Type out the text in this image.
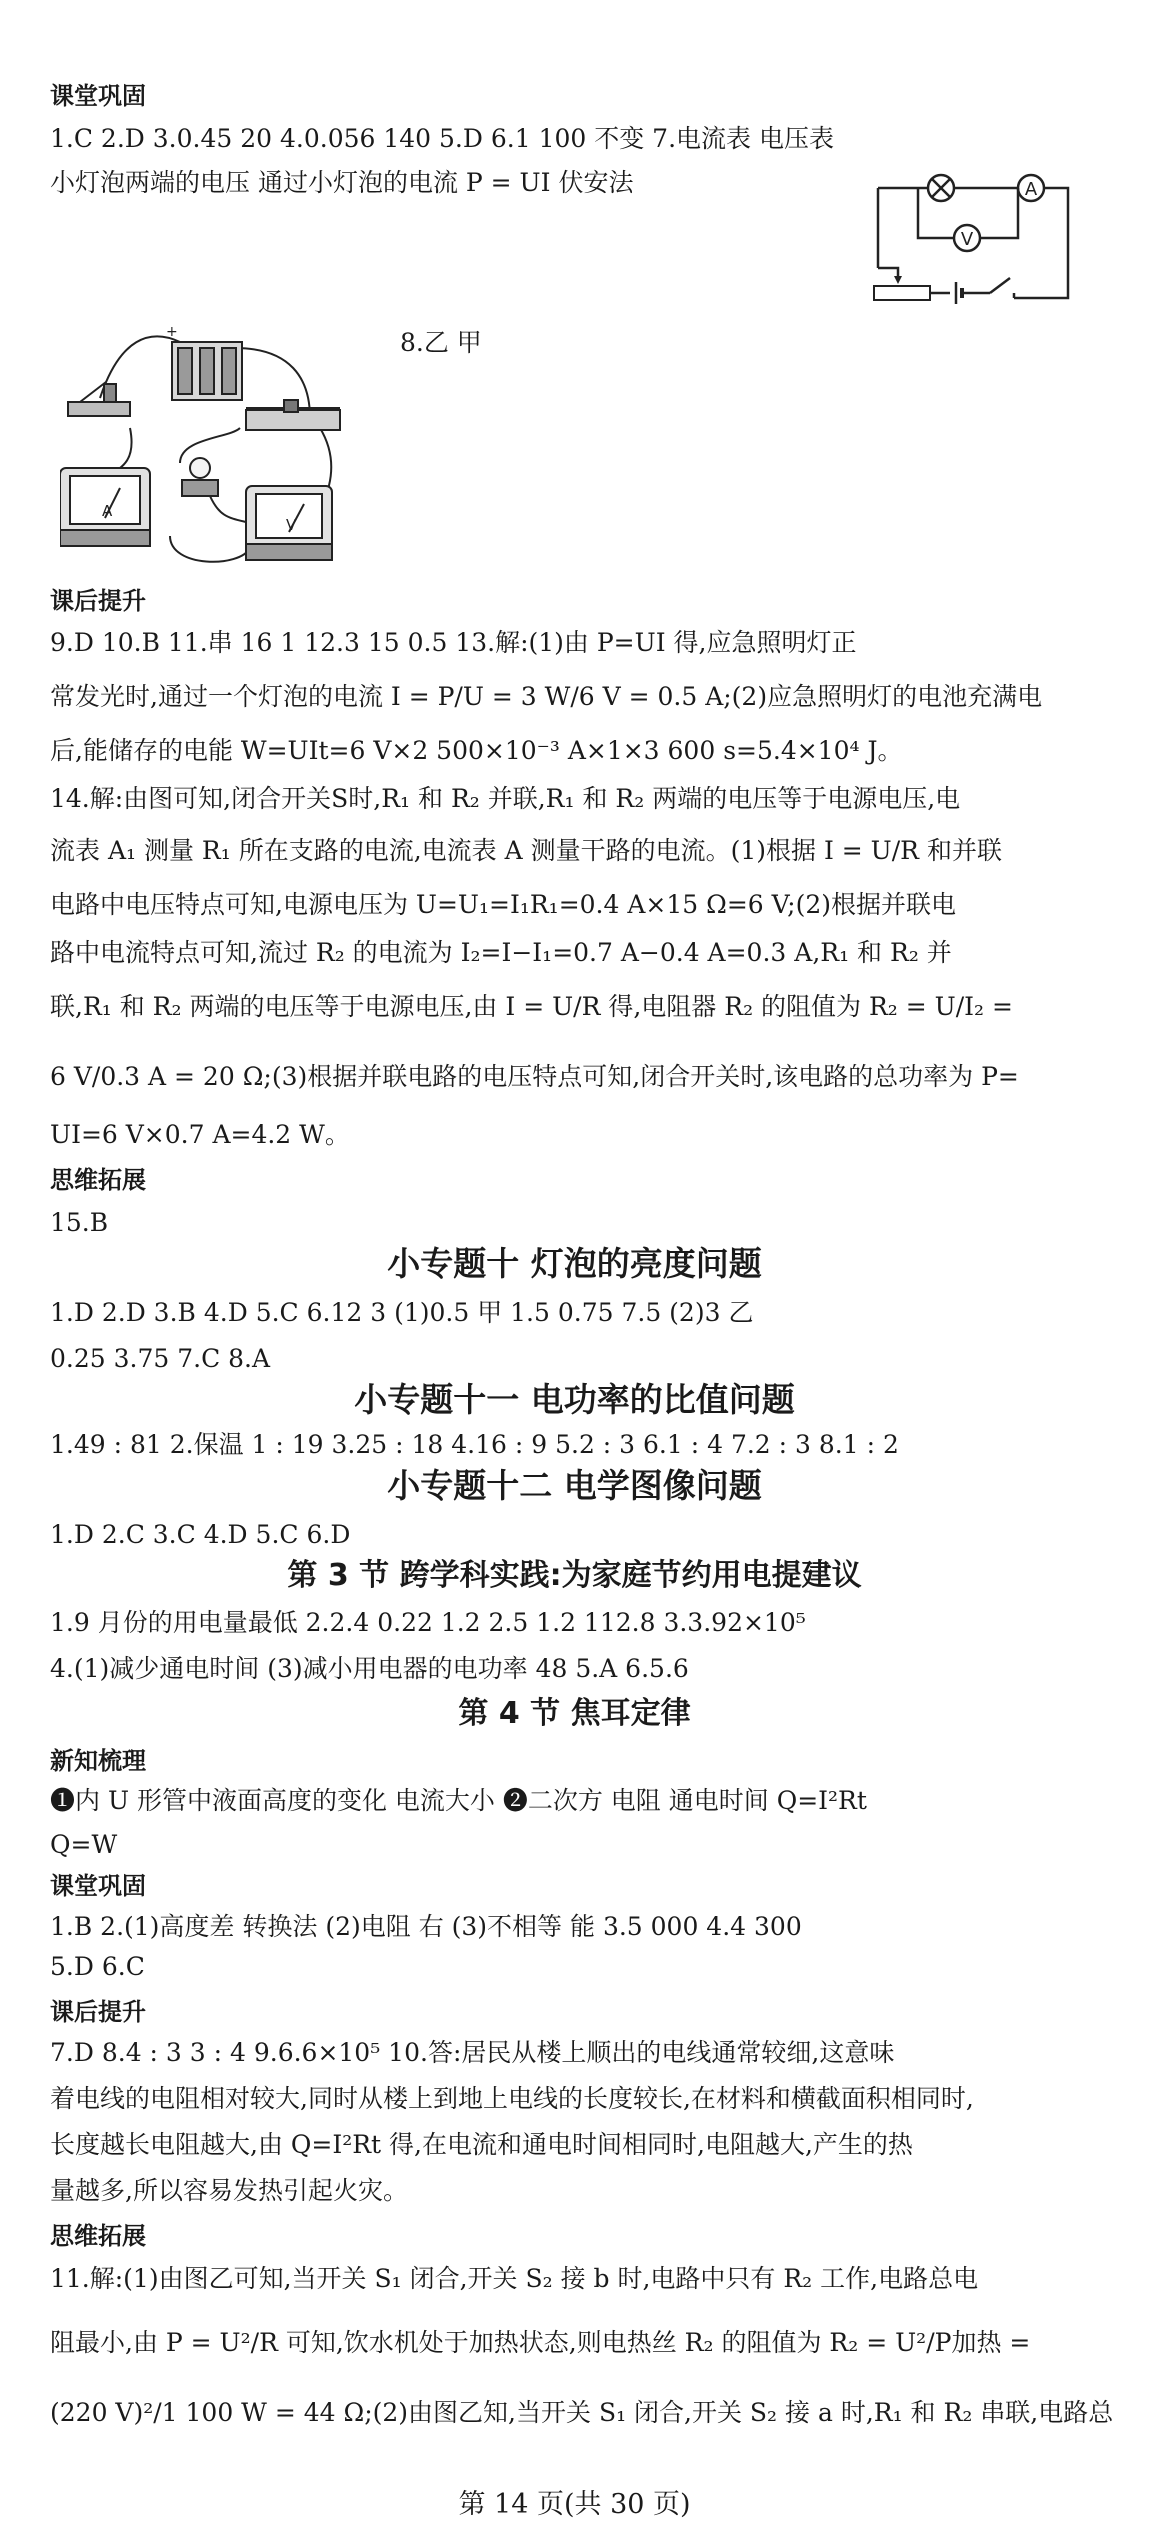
课堂巩固
1.C 2.D 3.0.45 20 4.0.056 140 5.D 6.1 100 不变 7.电流表 电压表
小灯泡两端的电压 通过小灯泡的电流 P = UI 伏安法	A
V
8.乙 甲
+
A
V
课后提升
9.D 10.B 11.串 16 1 12.3 15 0.5 13.解:(1)由 P=UI 得,应急照明灯正
常发光时,通过一个灯泡的电流 I = P/U = 3 W/6 V = 0.5 A;(2)应急照明灯的电池充满电
后,能储存的电能 W=UIt=6 V×2 500×10⁻³ A×1×3 600 s=5.4×10⁴ J。
14.解:由图可知,闭合开关S时,R₁ 和 R₂ 并联,R₁ 和 R₂ 两端的电压等于电源电压,电
流表 A₁ 测量 R₁ 所在支路的电流,电流表 A 测量干路的电流。(1)根据 I = U/R 和并联
电路中电压特点可知,电源电压为 U=U₁=I₁R₁=0.4 A×15 Ω=6 V;(2)根据并联电
路中电流特点可知,流过 R₂ 的电流为 I₂=I−I₁=0.7 A−0.4 A=0.3 A,R₁ 和 R₂ 并
联,R₁ 和 R₂ 两端的电压等于电源电压,由 I = U/R 得,电阻器 R₂ 的阻值为 R₂ = U/I₂ =
6 V/0.3 A = 20 Ω;(3)根据并联电路的电压特点可知,闭合开关时,该电路的总功率为 P=
UI=6 V×0.7 A=4.2 W。
思维拓展
15.B
小专题十 灯泡的亮度问题
1.D 2.D 3.B 4.D 5.C 6.12 3 (1)0.5 甲 1.5 0.75 7.5 (2)3 乙
0.25 3.75 7.C 8.A
小专题十一 电功率的比值问题
1.49 : 81 2.保温 1 : 19 3.25 : 18 4.16 : 9 5.2 : 3 6.1 : 4 7.2 : 3 8.1 : 2
小专题十二 电学图像问题
1.D 2.C 3.C 4.D 5.C 6.D
第 3 节 跨学科实践:为家庭节约用电提建议
1.9 月份的用电量最低 2.2.4 0.22 1.2 2.5 1.2 112.8 3.3.92×10⁵
4.(1)减少通电时间 (3)减小用电器的电功率 48 5.A 6.5.6
第 4 节 焦耳定律
新知梳理
❶内 U 形管中液面高度的变化 电流大小 ❷二次方 电阻 通电时间 Q=I²Rt
Q=W
课堂巩固
1.B 2.(1)高度差 转换法 (2)电阻 右 (3)不相等 能 3.5 000 4.4 300
5.D 6.C
课后提升
7.D 8.4 : 3 3 : 4 9.6.6×10⁵ 10.答:居民从楼上顺出的电线通常较细,这意味
着电线的电阻相对较大,同时从楼上到地上电线的长度较长,在材料和横截面积相同时,
长度越长电阻越大,由 Q=I²Rt 得,在电流和通电时间相同时,电阻越大,产生的热
量越多,所以容易发热引起火灾。
思维拓展
11.解:(1)由图乙可知,当开关 S₁ 闭合,开关 S₂ 接 b 时,电路中只有 R₂ 工作,电路总电
阻最小,由 P = U²/R 可知,饮水机处于加热状态,则电热丝 R₂ 的阻值为 R₂ = U²/P加热 =
(220 V)²/1 100 W = 44 Ω;(2)由图乙知,当开关 S₁ 闭合,开关 S₂ 接 a 时,R₁ 和 R₂ 串联,电路总
第 14 页(共 30 页)
